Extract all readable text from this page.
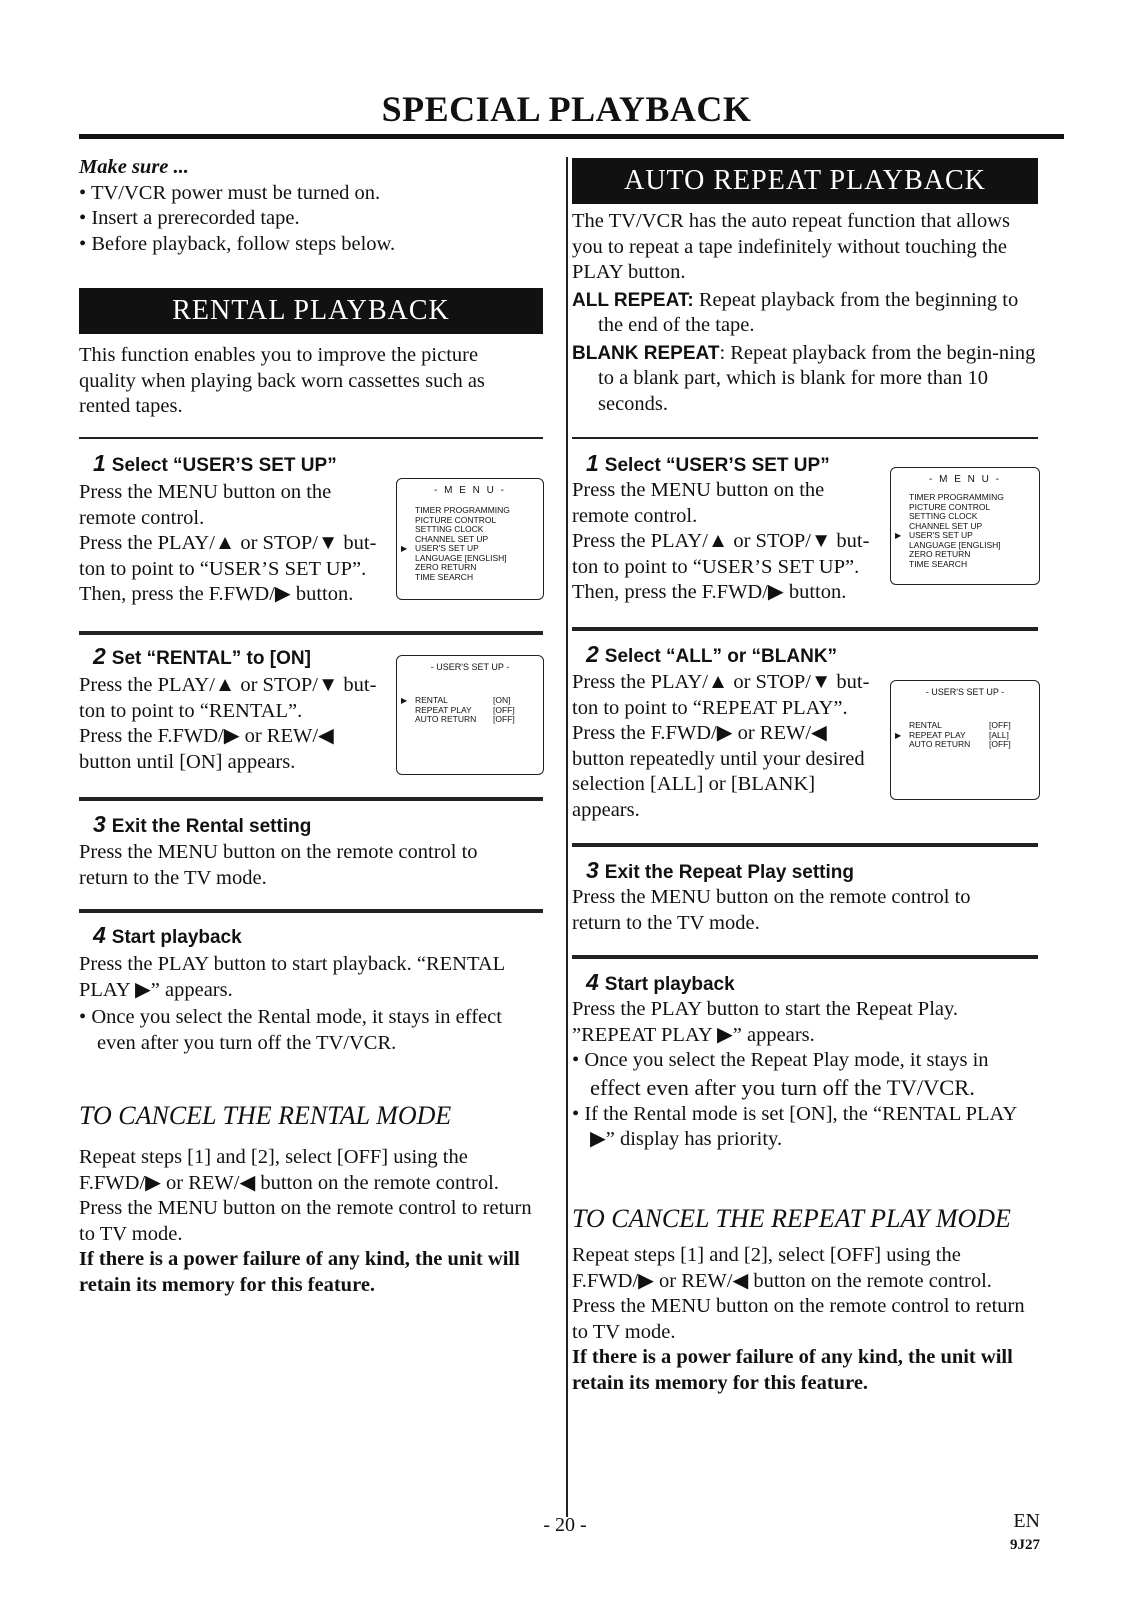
SPECIAL PLAYBACK

Make sure ...

• TV/VCR power must be turned on.

• Insert a prerecorded tape.

• Before playback, follow steps below.

RENTAL PLAYBACK
This function enables you to improve the picture quality when playing back worn cassettes such as rented tapes.
1 Select “USER’S SET UP”

Press the MENU button on the

remote control.

Press the PLAY/▲ or STOP/▼ but-

ton to point to “USER’S SET UP”.

Then, press the F.FWD/▶ button.

- M E N U -
TIMER PROGRAMMING
PICTURE CONTROL
SETTING CLOCK
CHANNEL SET UP
▶ USER'S SET UP
LANGUAGE [ENGLISH]
ZERO RETURN
TIME SEARCH
2 Set “RENTAL” to [ON]

Press the PLAY/▲ or STOP/▼ but-

ton to point to “RENTAL”.

Press the F.FWD/▶ or REW/◀

button until [ON] appears.

- USER'S SET UP -
▶ RENTAL	[ON]
REPEAT PLAY	[OFF]
AUTO RETURN [OFF]
3 Exit the Rental setting
Press the MENU button on the remote control to return to the TV mode.
4 Start playback

Press the PLAY button to start playback. “RENTAL PLAY ▶” appears.

• Once you select the Rental mode, it stays in effect even after you turn off the TV/VCR.

TO CANCEL THE RENTAL MODE

Repeat steps [1] and [2], select [OFF] using the

F.FWD/▶ or REW/◀ button on the remote control.

Press the MENU button on the remote control to return to TV mode.

If there is a power failure of any kind, the unit will retain its memory for this feature.

AUTO REPEAT PLAYBACK

The TV/VCR has the auto repeat function that allows you to repeat a tape indefinitely without touching the PLAY button.

ALL REPEAT: Repeat playback from the beginning to the end of the tape.

BLANK REPEAT: Repeat playback from the begin-ning to a blank part, which is blank for more than 10 seconds.

1 Select “USER’S SET UP”

Press the MENU button on the

remote control.

Press the PLAY/▲ or STOP/▼ but-

ton to point to “USER’S SET UP”.

Then, press the F.FWD/▶ button.

- M E N U -
TIMER PROGRAMMING
PICTURE CONTROL
SETTING CLOCK
CHANNEL SET UP
▶ USER'S SET UP
LANGUAGE [ENGLISH]
ZERO RETURN
TIME SEARCH
2 Select “ALL” or “BLANK”

Press the PLAY/▲ or STOP/▼ but-

ton to point to “REPEAT PLAY”.

Press the F.FWD/▶ or REW/◀

button repeatedly until your desired

selection [ALL] or [BLANK]

appears.

- USER'S SET UP -
RENTAL	[OFF]
▶ REPEAT PLAY	[ALL]
AUTO RETURN [OFF]
3 Exit the Repeat Play setting
Press the MENU button on the remote control to return to the TV mode.
4 Start playback

Press the PLAY button to start the Repeat Play. ”REPEAT PLAY ▶” appears.

• Once you select the Repeat Play mode, it stays in

effect even after you turn off the TV/VCR.

• If the Rental mode is set [ON], the “RENTAL PLAY ▶” display has priority.

TO CANCEL THE REPEAT PLAY MODE

Repeat steps [1] and [2], select [OFF] using the

F.FWD/▶ or REW/◀ button on the remote control.

Press the MENU button on the remote control to return to TV mode.

If there is a power failure of any kind, the unit will retain its memory for this feature.

- 20 -	EN
9J27
